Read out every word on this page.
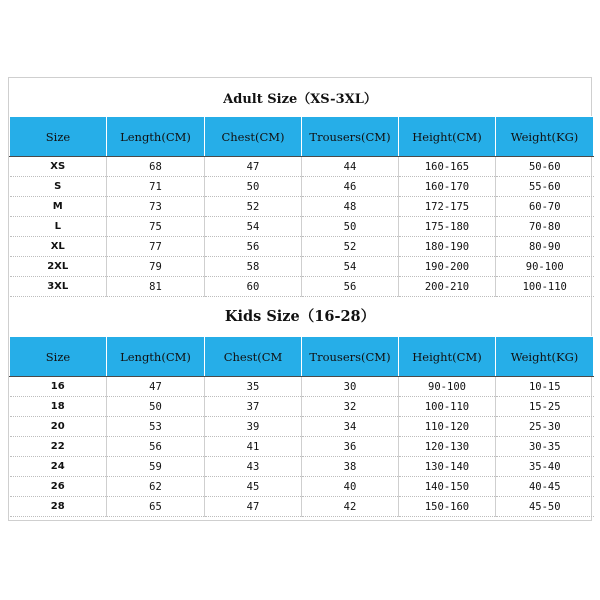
Adult Size（XS-3XL）
Size	Length(CM)	Chest(CM)	Trousers(CM)	Height(CM)	Weight(KG)
XS	68	47	44	160-165	50-60
S	71	50	46	160-170	55-60
M	73	52	48	172-175	60-70
L	75	54	50	175-180	70-80
XL	77	56	52	180-190	80-90
2XL	79	58	54	190-200	90-100
3XL	81	60	56	200-210	100-110
Kids Size（16-28）
Size	Length(CM)	Chest(CM	Trousers(CM)	Height(CM)	Weight(KG)
16	47	35	30	90-100	10-15
18	50	37	32	100-110	15-25
20	53	39	34	110-120	25-30
22	56	41	36	120-130	30-35
24	59	43	38	130-140	35-40
26	62	45	40	140-150	40-45
28	65	47	42	150-160	45-50
